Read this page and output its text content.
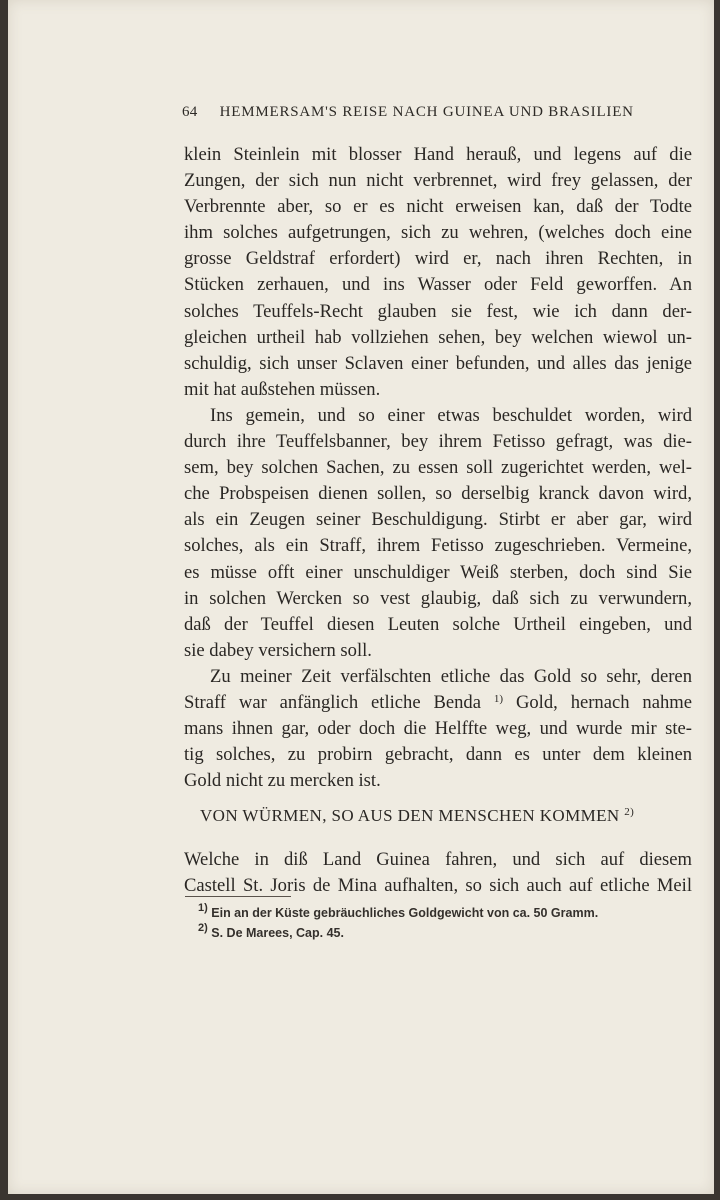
64 HEMMERSAM'S REISE NACH GUINEA UND BRASILIEN

klein Steinlein mit blosser Hand herauß, und legens auf die

Zungen, der sich nun nicht verbrennet, wird frey gelassen, der

Verbrennte aber, so er es nicht erweisen kan, daß der Todte

ihm solches aufgetrungen, sich zu wehren, (welches doch eine

grosse Geldstraf erfordert) wird er, nach ihren Rechten, in

Stücken zerhauen, und ins Wasser oder Feld geworffen. An

solches Teuffels-Recht glauben sie fest, wie ich dann der-

gleichen urtheil hab vollziehen sehen, bey welchen wiewol un-

schuldig, sich unser Sclaven einer befunden, und alles das jenige

mit hat außstehen müssen.

Ins gemein, und so einer etwas beschuldet worden, wird

durch ihre Teuffelsbanner, bey ihrem Fetisso gefragt, was die-

sem, bey solchen Sachen, zu essen soll zugerichtet werden, wel-

che Probspeisen dienen sollen, so derselbig kranck davon wird,

als ein Zeugen seiner Beschuldigung. Stirbt er aber gar, wird

solches, als ein Straff, ihrem Fetisso zugeschrieben. Vermeine,

es müsse offt einer unschuldiger Weiß sterben, doch sind Sie

in solchen Wercken so vest glaubig, daß sich zu verwundern,

daß der Teuffel diesen Leuten solche Urtheil eingeben, und

sie dabey versichern soll.

Zu meiner Zeit verfälschten etliche das Gold so sehr, deren

Straff war anfänglich etliche Benda $^{1)}$ Gold, hernach nahme

mans ihnen gar, oder doch die Helffte weg, und wurde mir ste-

tig solches, zu probirn gebracht, dann es unter dem kleinen

Gold nicht zu mercken ist.

VON WÜRMEN, SO AUS DEN MENSCHEN KOMMEN $^{2)}$

Welche in diß Land Guinea fahren, und sich auf diesem

Castell St. Joris de Mina aufhalten, so sich auch auf etliche Meil

$^{1)}$ Ein an der Küste gebräuchliches Goldgewicht von ca. 50 Gramm.
$^{2)}$ S. De Marees, Cap. 45.
